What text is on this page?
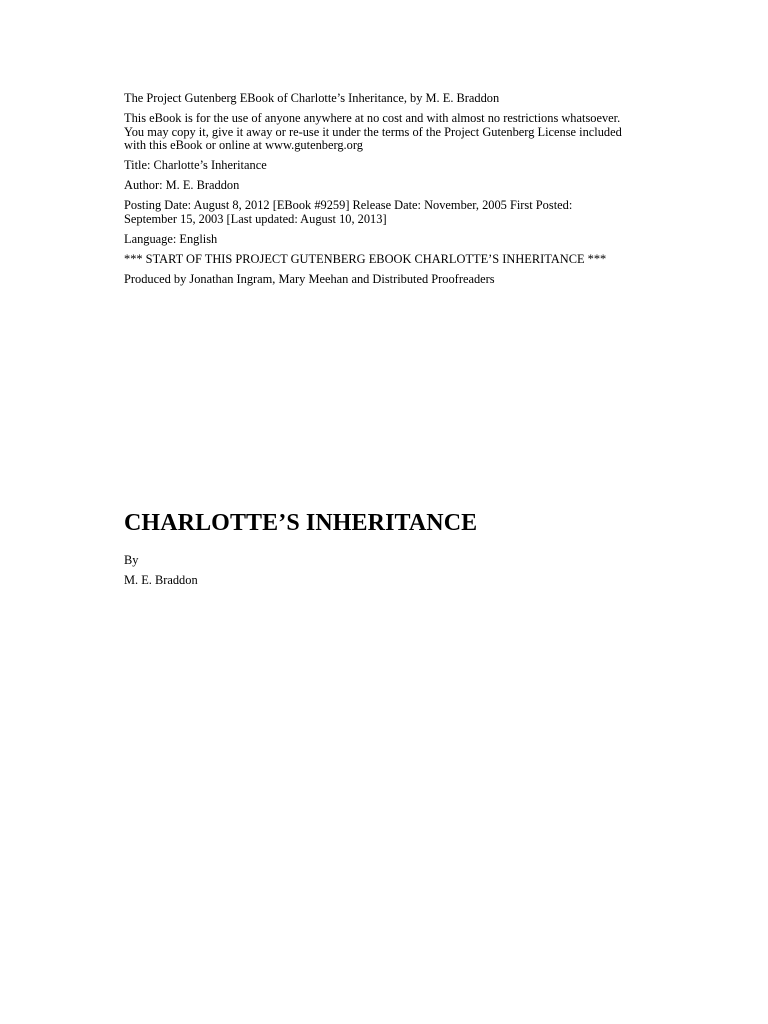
The Project Gutenberg EBook of Charlotte’s Inheritance, by M. E. Braddon

This eBook is for the use of anyone anywhere at no cost and with almost no restrictions whatsoever.
You may copy it, give it away or re-use it under the terms of the Project Gutenberg License included
with this eBook or online at www.gutenberg.org

Title: Charlotte’s Inheritance

Author: M. E. Braddon

Posting Date: August 8, 2012 [EBook #9259] Release Date: November, 2005 First Posted:
September 15, 2003 [Last updated: August 10, 2013]

Language: English

*** START OF THIS PROJECT GUTENBERG EBOOK CHARLOTTE’S INHERITANCE ***

Produced by Jonathan Ingram, Mary Meehan and Distributed Proofreaders

CHARLOTTE’S INHERITANCE

By

M. E. Braddon
